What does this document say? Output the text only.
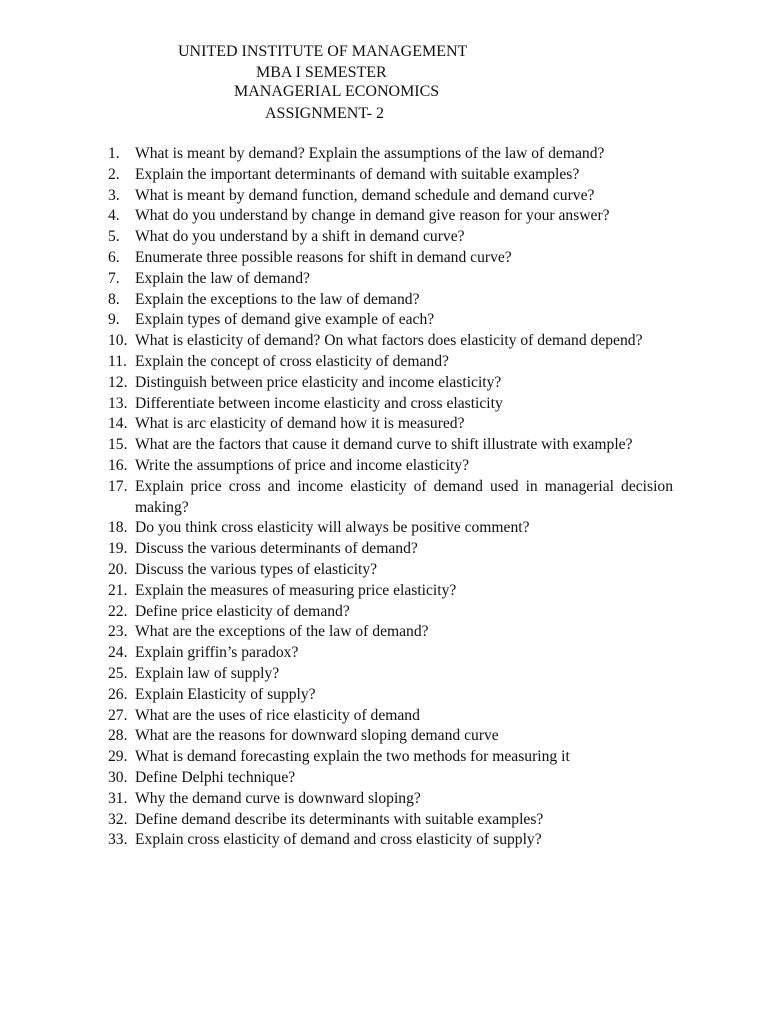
UNITED INSTITUTE OF MANAGEMENT
MBA I SEMESTER
MANAGERIAL ECONOMICS
ASSIGNMENT- 2
1. What is meant by demand? Explain the assumptions of the law of demand?
2. Explain the important determinants of demand with suitable examples?
3. What is meant by demand function, demand schedule and demand curve?
4. What do you understand by change in demand give reason for your answer?
5. What do you understand by a shift in demand curve?
6. Enumerate three possible reasons for shift in demand curve?
7. Explain the law of demand?
8. Explain the exceptions to the law of demand?
9. Explain types of demand give example of each?
10. What is elasticity of demand? On what factors does elasticity of demand depend?
11. Explain the concept of cross elasticity of demand?
12. Distinguish between price elasticity and income elasticity?
13. Differentiate between income elasticity and cross elasticity
14. What is arc elasticity of demand how it is measured?
15. What are the factors that cause it demand curve to shift illustrate with example?
16. Write the assumptions of price and income elasticity?
17. Explain price cross and income elasticity of demand used in managerial decision making?
18. Do you think cross elasticity will always be positive comment?
19. Discuss the various determinants of demand?
20. Discuss the various types of elasticity?
21. Explain the measures of measuring price elasticity?
22. Define price elasticity of demand?
23. What are the exceptions of the law of demand?
24. Explain griffin’s paradox?
25. Explain law of supply?
26. Explain Elasticity of supply?
27. What are the uses of rice elasticity of demand
28. What are the reasons for downward sloping demand curve
29. What is demand forecasting explain the two methods for measuring it
30. Define Delphi technique?
31. Why the demand curve is downward sloping?
32. Define demand describe its determinants with suitable examples?
33. Explain cross elasticity of demand and cross elasticity of supply?
